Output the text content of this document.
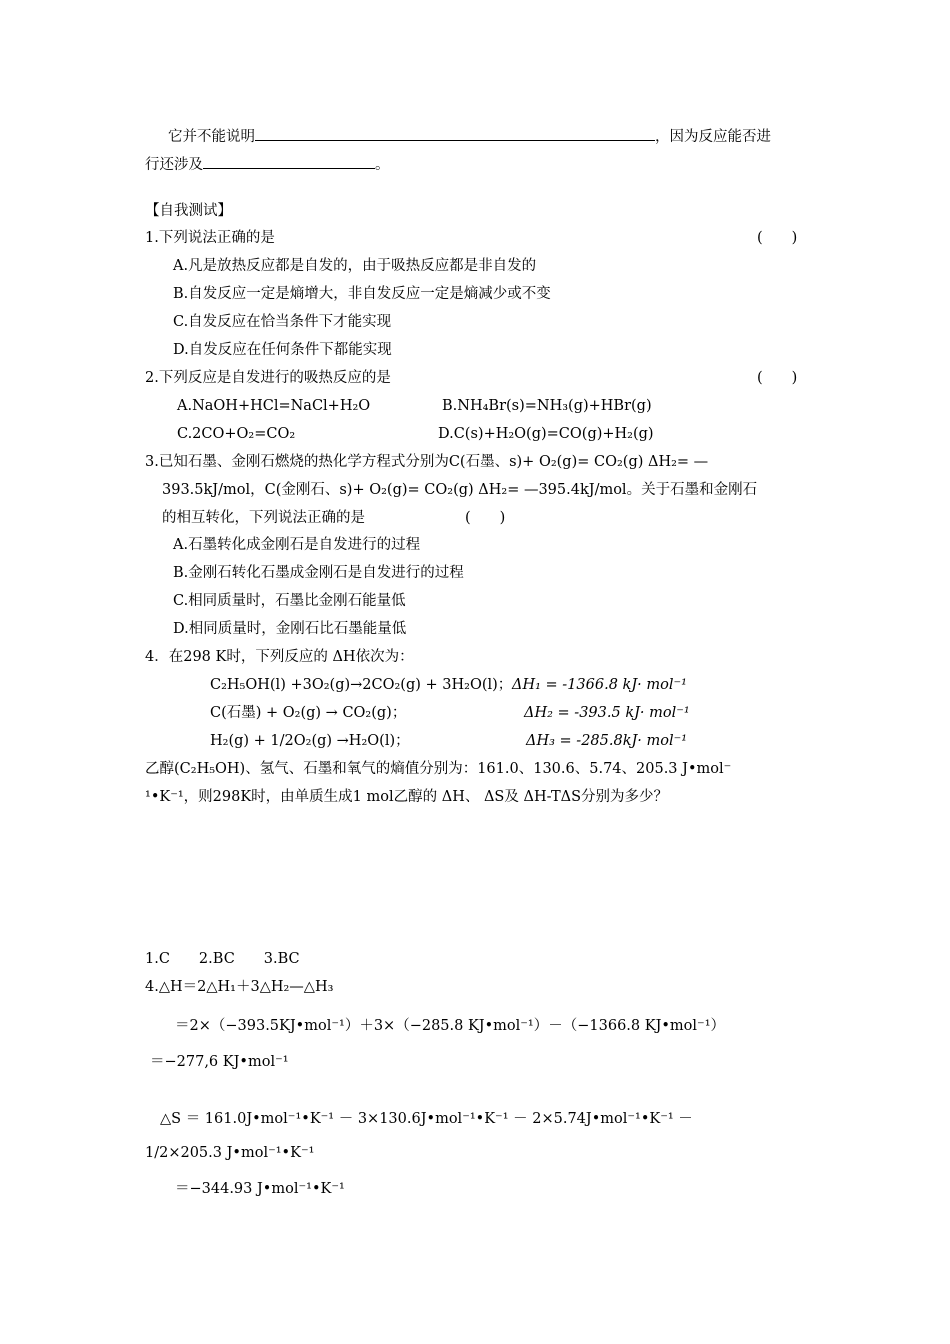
它并不能说明	，因为反应能否进
行还涉及	。
【自我测试】
1.下列说法正确的是	(　　)
A.凡是放热反应都是自发的，由于吸热反应都是非自发的
B.自发反应一定是熵增大，非自发反应一定是熵减少或不变
C.自发反应在恰当条件下才能实现
D.自发反应在任何条件下都能实现
2.下列反应是自发进行的吸热反应的是	(　　)
A.NaOH+HCl=NaCl+H₂O	B.NH₄Br(s)=NH₃(g)+HBr(g)
C.2CO+O₂=CO₂	D.C(s)+H₂O(g)=CO(g)+H₂(g)
3.已知石墨、金刚石燃烧的热化学方程式分别为C(石墨、s)+ O₂(g)= CO₂(g) ΔH₂= —
393.5kJ/mol，C(金刚石、s)+ O₂(g)= CO₂(g) ΔH₂= —395.4kJ/mol。关于石墨和金刚石
的相互转化，下列说法正确的是	(　　)
A.石墨转化成金刚石是自发进行的过程
B.金刚石转化石墨成金刚石是自发进行的过程
C.相同质量时，石墨比金刚石能量低
D.相同质量时，金刚石比石墨能量低
4．在298 K时，下列反应的 ΔH依次为：
C₂H₅OH(l) +3O₂(g)→2CO₂(g) + 3H₂O(l)； ΔH₁ = -1366.8 kJ· mol⁻¹
C(石墨) + O₂(g) → CO₂(g)；	ΔH₂ = -393.5 kJ· mol⁻¹
H₂(g) + 1/2O₂(g) →H₂O(l)；	ΔH₃ = -285.8kJ· mol⁻¹
乙醇(C₂H₅OH)、氢气、石墨和氧气的熵值分别为：161.0、130.6、5.74、205.3 J•mol⁻
¹•K⁻¹，则298K时，由单质生成1 mol乙醇的 ΔH、 ΔS及 ΔH-TΔS分别为多少？
1.C　　2.BC　　3.BC
4.△H＝2△H₁＋3△H₂—△H₃
＝2×（−393.5KJ•mol⁻¹）＋3×（−285.8 KJ•mol⁻¹）－（−1366.8 KJ•mol⁻¹）
＝−277,6 KJ•mol⁻¹
△S ＝ 161.0J•mol⁻¹•K⁻¹ － 3×130.6J•mol⁻¹•K⁻¹ － 2×5.74J•mol⁻¹•K⁻¹ －
1/2×205.3 J•mol⁻¹•K⁻¹
＝−344.93 J•mol⁻¹•K⁻¹
